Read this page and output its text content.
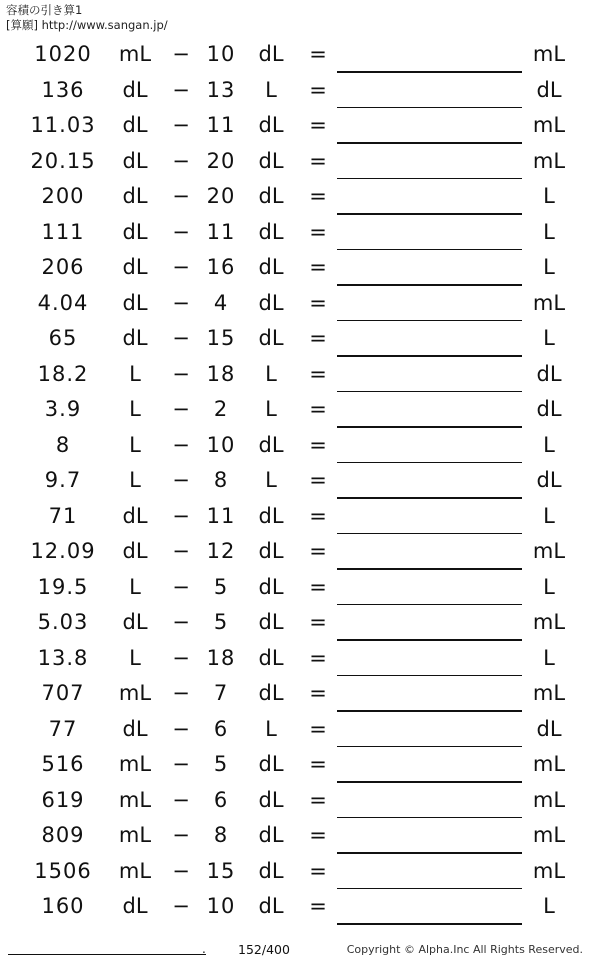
容積の引き算1
[算願] http://www.sangan.jp/
1020	mL	− 10	dL	=	mL
136	dL	− 13	L	=	dL
11.03	dL	− 11	dL	=	mL
20.15	dL	− 20	dL	=	mL
200	dL	− 20	dL	=	L
111	dL	− 11	dL	=	L
206	dL	− 16	dL	=	L
4.04	dL	−	4	dL	=	mL
65	dL	− 15	dL	=	L
18.2	L	− 18	L	=	dL
3.9	L	−	2	L	=	dL
8	L	− 10	dL	=	L
9.7	L	−	8	L	=	dL
71	dL	− 11	dL	=	L
12.09	dL	− 12	dL	=	mL
19.5	L	−	5	dL	=	L
5.03	dL	−	5	dL	=	mL
13.8	L	− 18	dL	=	L
707	mL	−	7	dL	=	mL
77	dL	−	6	L	=	dL
516	mL	−	5	dL	=	mL
619	mL	−	6	dL	=	mL
809	mL	−	8	dL	=	mL
1506	mL	− 15	dL	=	mL
160	dL	− 10	dL	=	L
.	152/400	Copyright © Alpha.Inc All Rights Reserved.
